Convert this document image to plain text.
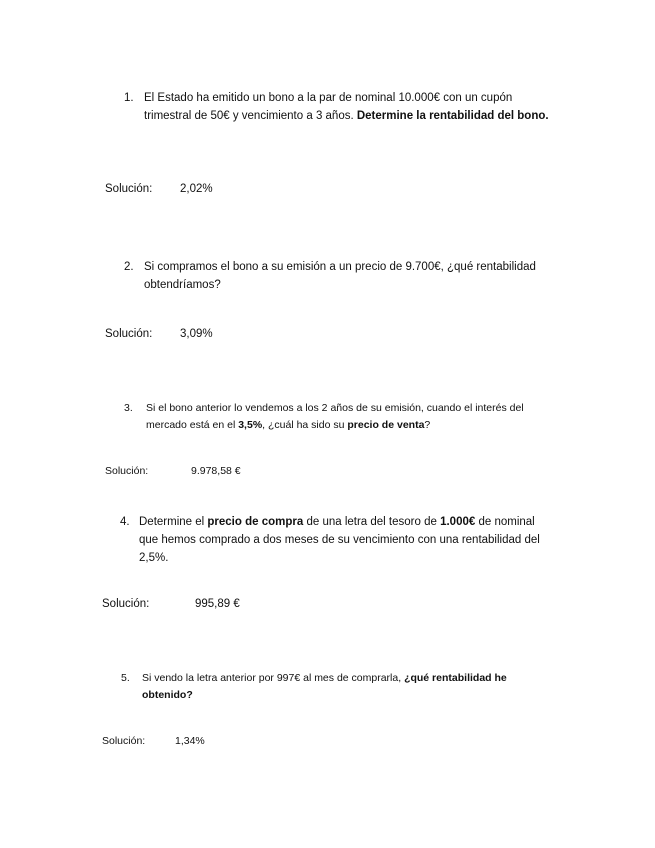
1. El Estado ha emitido un bono a la par de nominal 10.000€ con un cupón
trimestral de 50€ y vencimiento a 3 años. Determine la rentabilidad del bono.
Solución: 2,02%
2. Si compramos el bono a su emisión a un precio de 9.700€, ¿qué rentabilidad
obtendríamos?
Solución: 3,09%
3. Si el bono anterior lo vendemos a los 2 años de su emisión, cuando el interés del
mercado está en el 3,5%, ¿cuál ha sido su precio de venta?
Solución:	9.978,58 €
4. Determine el precio de compra de una letra del tesoro de 1.000€ de nominal
que hemos comprado a dos meses de su vencimiento con una rentabilidad del
2,5%.
Solución:	995,89 €
5. Si vendo la letra anterior por 997€ al mes de comprarla, ¿qué rentabilidad he
obtenido?
Solución:	1,34%
